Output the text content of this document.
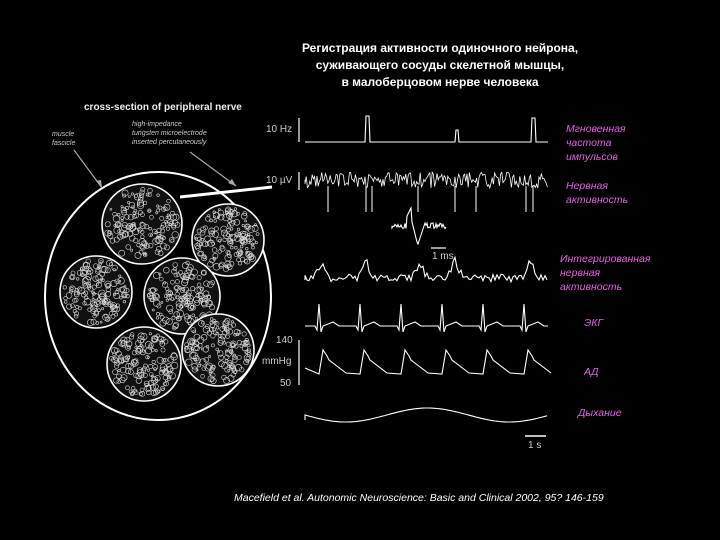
Регистрация активности одиночного нейрона,
суживающего сосуды скелетной мышцы,
в малоберцовом нерве человека
cross-section of peripheral nerve
muscle
fascicle
high-impedance
tungsten microelectrode
inserted percutaneously
10 Hz
10 µV
1 ms
140
mmHg
50
1 s
Мгновенная
частота
импульсов
Нервная
активность
Интегрированная
нервная
активность
ЭКГ
АД
Дыхание
Macefield et al. Autonomic Neuroscience: Basic and Clinical 2002, 95? 146-159
